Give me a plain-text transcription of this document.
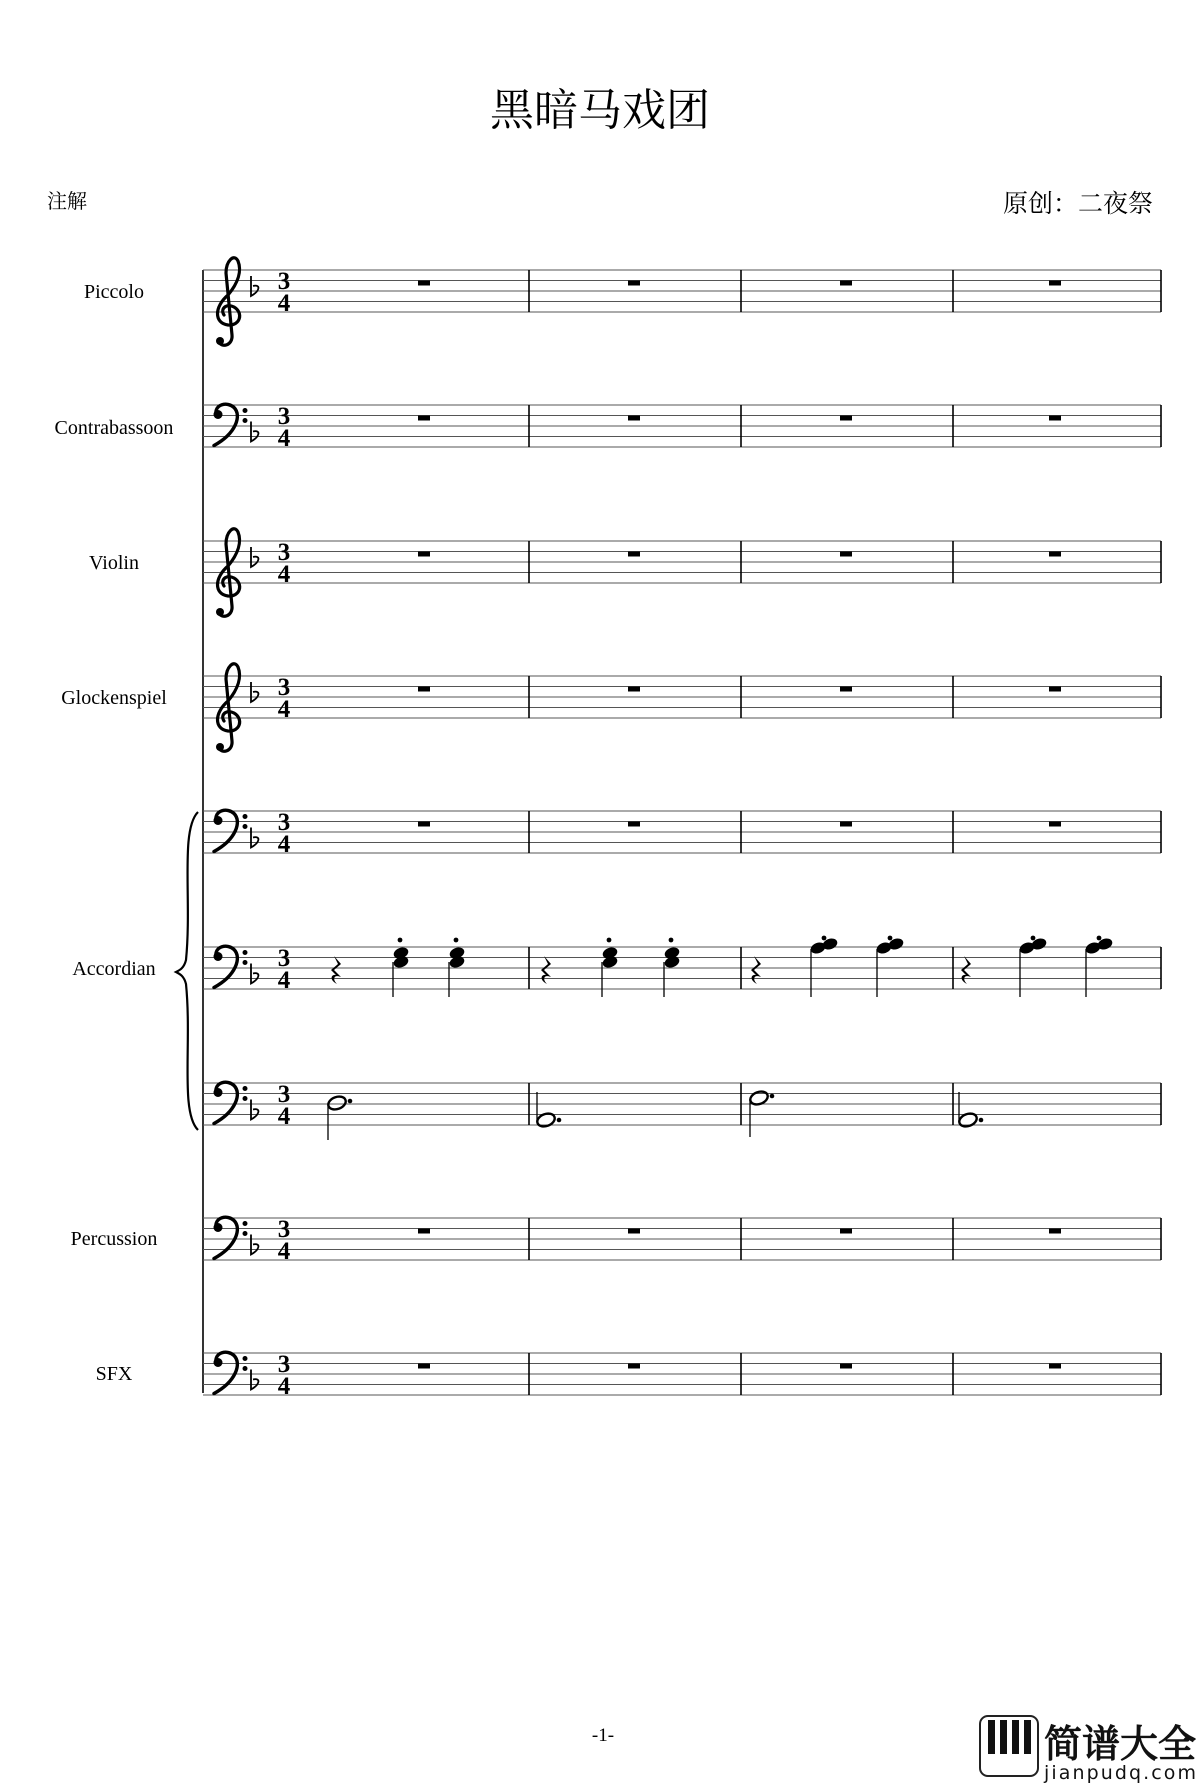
黑暗马戏团
注解	原创：二夜祭
Piccolo
Contrabassoon
Violin
Glockenspiel
Accordian
Percussion
SFX
3
4
3
4
3
4
3
4
3
4
3
4
3
4
3
4
3
4
-1-	简谱大全
jianpudq.com
